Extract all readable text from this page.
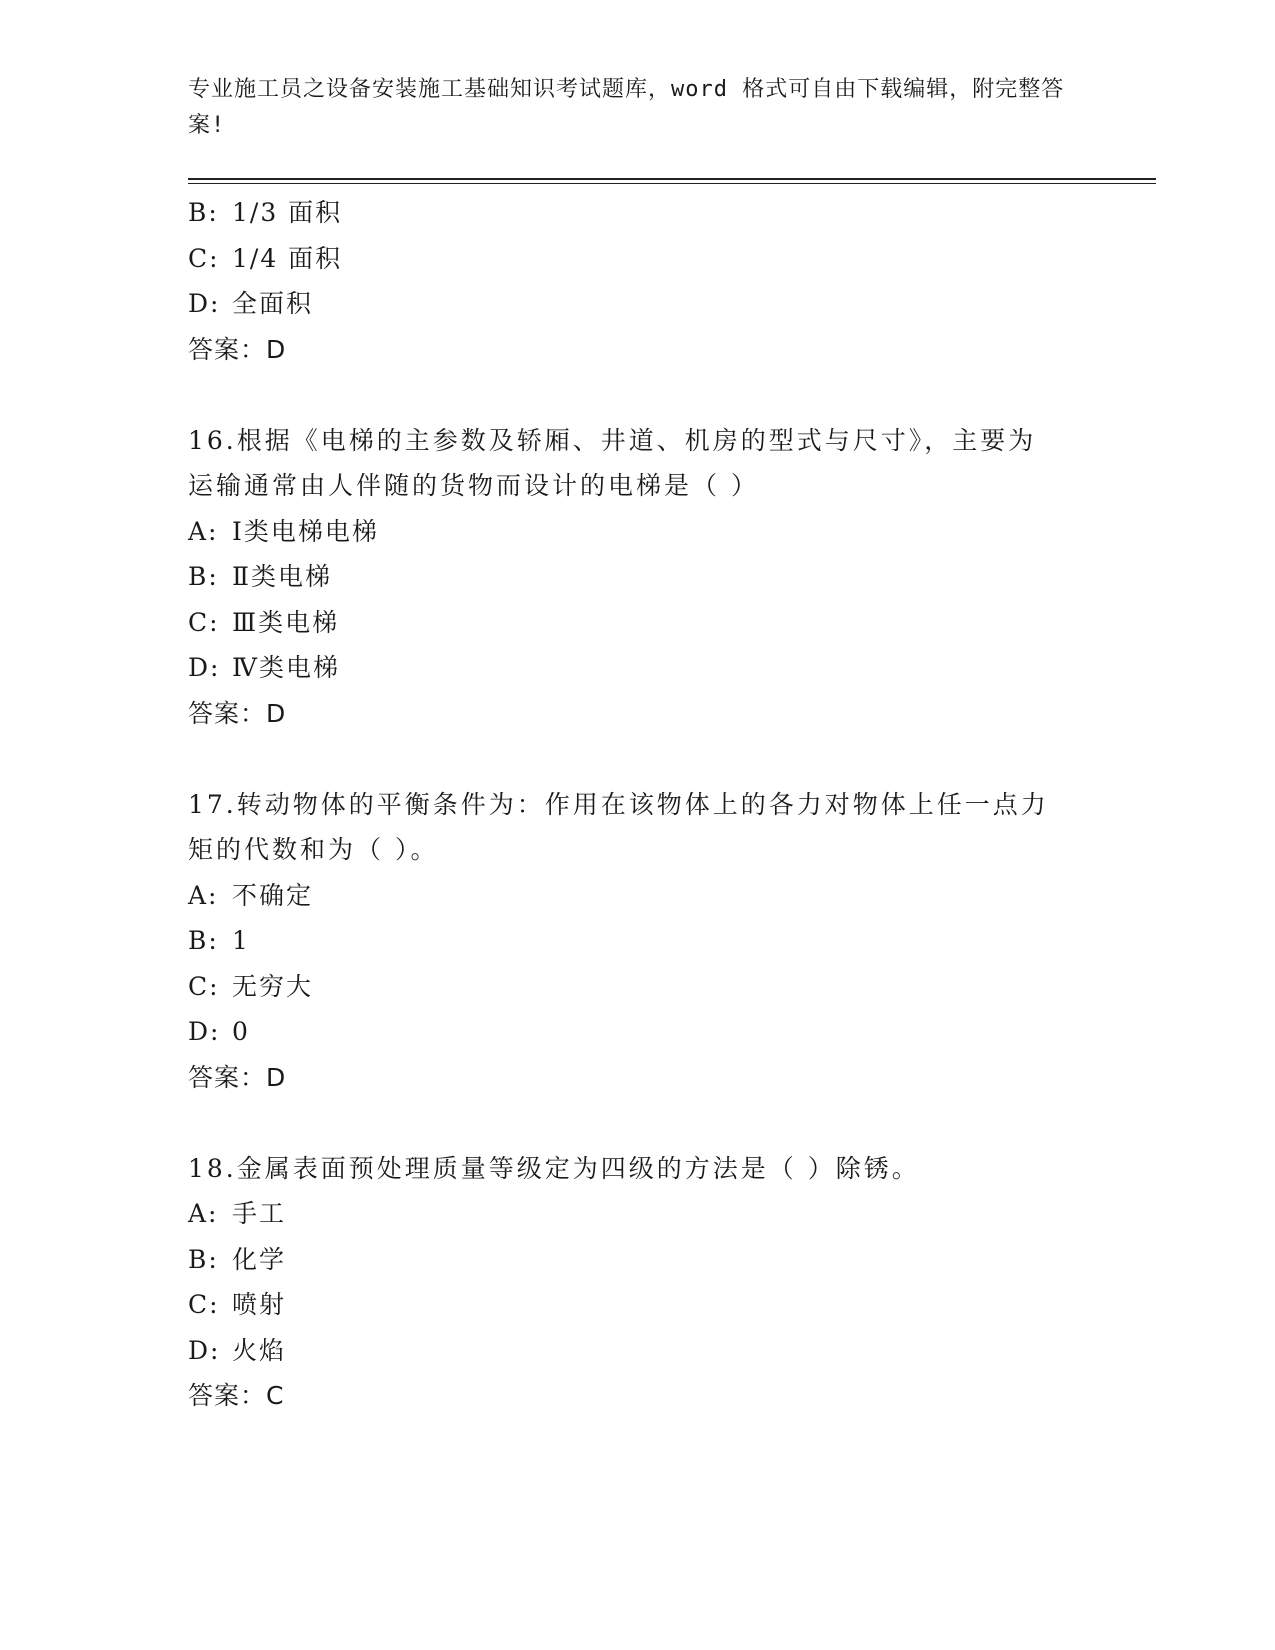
专业施工员之设备安装施工基础知识考试题库，word 格式可自由下载编辑，附完整答案!
B: 1/3 面积
C: 1/4 面积
D: 全面积
答案：D
16.根据《电梯的主参数及轿厢、井道、机房的型式与尺寸》，主要为
运输通常由人伴随的货物而设计的电梯是（ ）
A: Ⅰ类电梯电梯
B: Ⅱ类电梯
C: Ⅲ类电梯
D: Ⅳ类电梯
答案：D
17.转动物体的平衡条件为：作用在该物体上的各力对物体上任一点力
矩的代数和为（ ）。
A: 不确定
B: 1
C: 无穷大
D: 0
答案：D
18.金属表面预处理质量等级定为四级的方法是（ ）除锈。
A: 手工
B: 化学
C: 喷射
D: 火焰
答案：C
